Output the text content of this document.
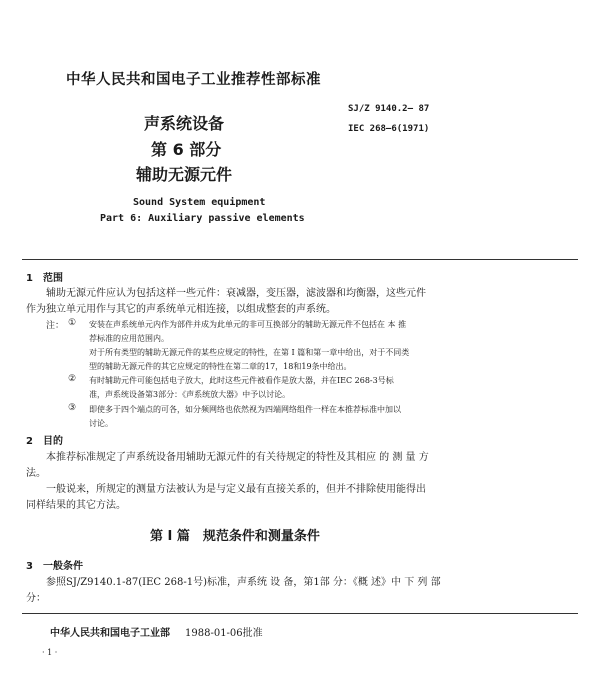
中华人民共和国电子工业推荐性部标准
声系统设备
第 6 部分
辅助无源元件
SJ/Z 9140.2— 87
IEC 268—6(1971)
Sound System equipment
Part 6: Auxiliary passive elements
1　范围
辅助无源元件应认为包括这样一些元件：衰减器，变压器，滤波器和均衡器，这些元件
作为独立单元用作与其它的声系统单元相连接，以组成整套的声系统。
注： ① 安装在声系统单元内作为部件并成为此单元的非可互换部分的辅助无源元件不包括在 本 推
荐标准的应用范围内。
对于所有类型的辅助无源元件的某些应规定的特性，在第 I 篇和第一章中给出，对于不同类
型的辅助无源元件的其它应规定的特性在第二章的17，18和19条中给出。
② 有时辅助元件可能包括电子放大，此时这些元件被看作是放大器，并在IEC 268-3号标
准，声系统设备第3部分：《声系统放大器》中予以讨论。
③ 即使多于四个端点的可各，如分频网络也依然视为四端网络组件一样在本推荐标准中加以
讨论。
2　目的
本推荐标准规定了声系统设备用辅助无源元件的有关待规定的特性及其相应 的 测 量 方
法。
一般说来，所规定的测量方法被认为是与定义最有直接关系的，但并不排除使用能得出
同样结果的其它方法。
第 I 篇　规范条件和测量条件
3　一般条件
参照SJ/Z9140.1-87(IEC 268-1号)标准，声系统 设 备，第1部 分：《概 述》中 下 列 部
分：
中华人民共和国电子工业部 1988-01-06批准
· 1 ·
